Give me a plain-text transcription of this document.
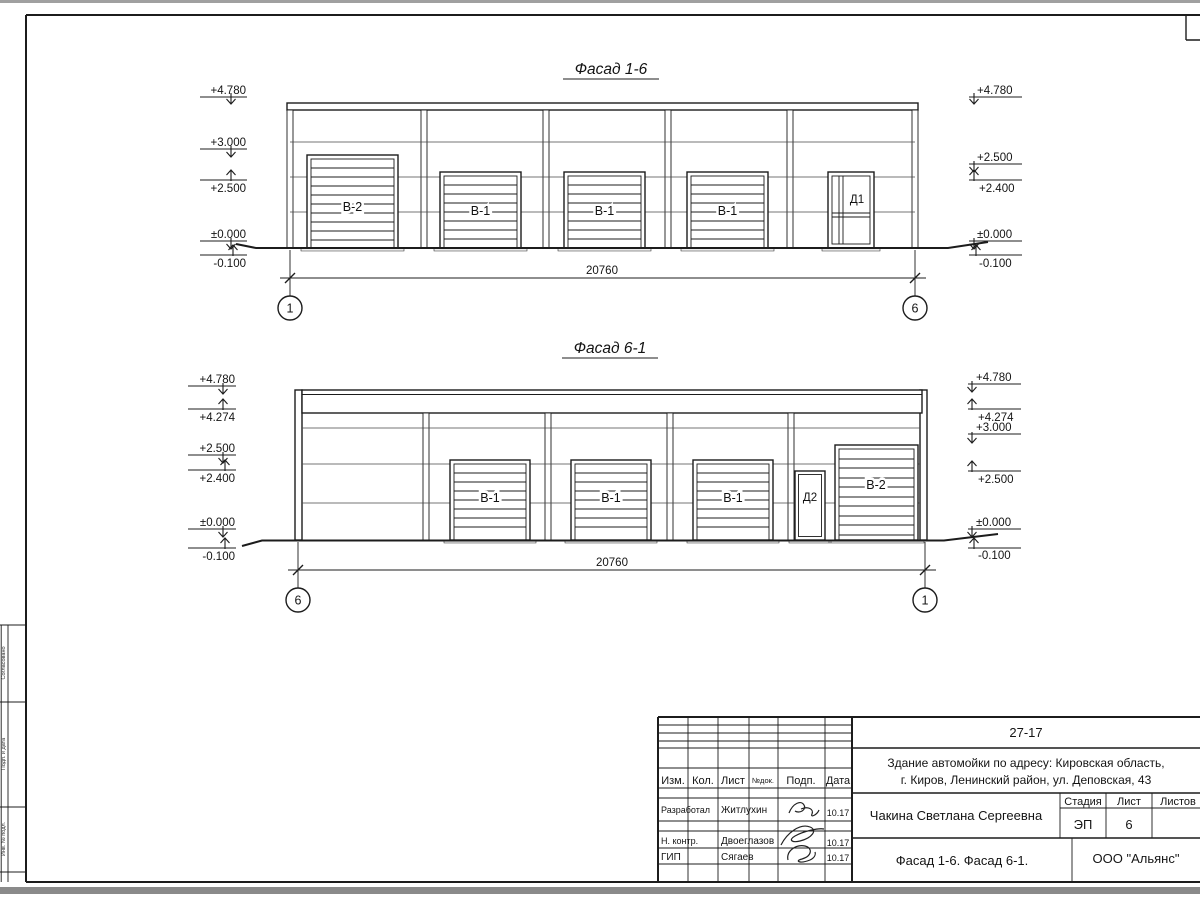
Согласовано
Подп. и дата
Инв. № подл.
Фасад 1-6
В-2	В-1	В-1	В-1
Д1
+4.780
+3.000
+2.500
±0.000
-0.100
+4.780
+2.500
+2.400
±0.000
-0.100
20760
1	6
Фасад 6-1
В-1	В-1	В-1	Д2
В-2
+4.780
+4.274
+2.500
+2.400
±0.000
-0.100
+4.780
+4.274
+3.000
+2.500
±0.000
-0.100
20760
6	1
27-17
Здание автомойки по адресу: Кировская область,
г. Киров, Ленинский район, ул. Деповская, 43
Чакина Светлана Сергеевна
Стадия Лист Листов
ЭП	6
Фасад 1-6. Фасад 6-1.	ООО "Альянс"
Изм. Кол. Лист №док. Подп. Дата
Разработал Житлухин	10.17
Н. контр. Двоеглазов	10.17
ГИП	Сягаев	10.17
